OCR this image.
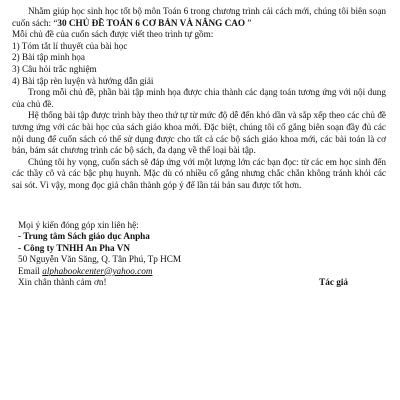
Nhằm giúp học sinh học tốt bộ môn Toán 6 trong chương trình cải cách mới, chúng tôi biên soạn cuốn sách: “30 CHỦ ĐỀ TOÁN 6 CƠ BẢN VÀ NÂNG CAO ”

Mỗi chủ đề của cuốn sách được viết theo trình tự gồm:

1) Tóm tắt lí thuyết của bài học
2) Bài tập minh họa
3) Câu hỏi trắc nghiệm
4) Bài tập rèn luyện và hướng dẫn giải

Trong mỗi chủ đề, phần bài tập minh họa được chia thành các dạng toán tương ứng với nội dung của chủ đề.

Hệ thống bài tập được trình bày theo thứ tự từ mức độ dễ đến khó dần và sắp xếp theo các chủ đề tương ứng với các bài học của sách giáo khoa mới. Đặc biệt, chúng tôi cố gắng biên soạn đầy đủ các nội dung để cuốn sách có thể sử dụng được cho tất cả các bộ sách giáo khoa mới, các bài toán là cơ bản, bám sát chương trình các bộ sách, đa dạng về thể loại bài tập.

Chúng tôi hy vọng, cuốn sách sẽ đáp ứng với một lượng lớn các bạn đọc: từ các em học sinh đến các thầy cô và các bậc phụ huynh. Mặc dù có nhiều cố gắng nhưng chắc chắn không tránh khỏi các sai sót. Vì vậy, mong đọc giả chân thành góp ý để lần tái bản sau được tốt hơn.

Mọi ý kiến đóng góp xin liên hệ:

- Trung tâm Sách giáo dục Anpha

- Công ty TNHH An Pha VN

50 Nguyễn Văn Săng, Q. Tân Phú, Tp HCM

Email alphabookcenter@yahoo.com

Xin chân thành cảm ơn!	Tác giả
